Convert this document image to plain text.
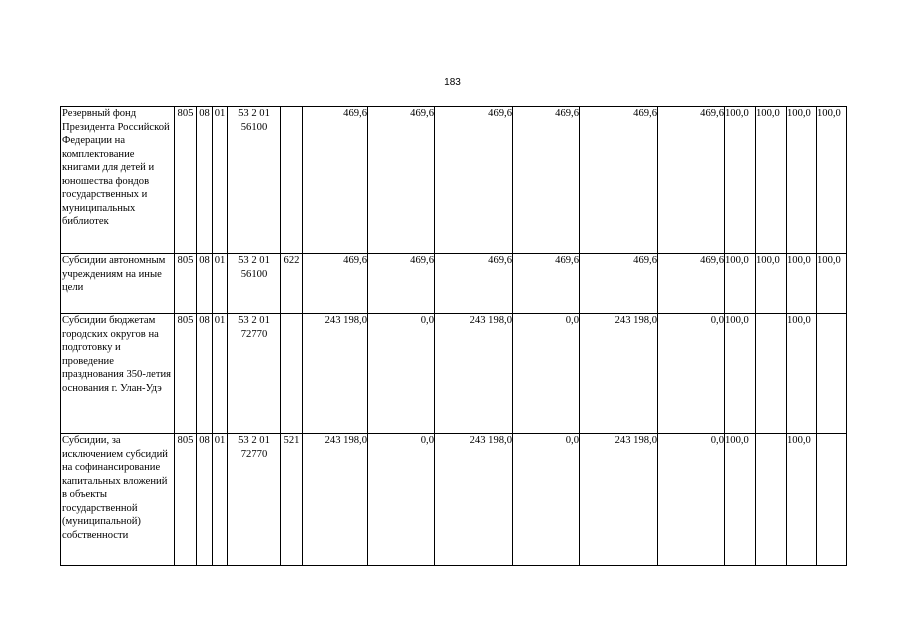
183
Резервный фонд Президента Российской Федерации на комплектование книгами для детей и юношества фондов государственных и муниципальных библиотек	805	08	01	53 2 01 56100		469,6	469,6	469,6	469,6	469,6	469,6	100,0	100,0	100,0	100,0
Субсидии автономным учреждениям на иные цели	805	08	01	53 2 01 56100	622	469,6	469,6	469,6	469,6	469,6	469,6	100,0	100,0	100,0	100,0
Субсидии бюджетам городских округов на подготовку и проведение празднования 350-летия основания г. Улан-Удэ	805	08	01	53 2 01 72770		243 198,0	0,0	243 198,0	0,0	243 198,0	0,0	100,0		100,0	
Субсидии, за исключением субсидий на софинансирование капитальных вложений в объекты государственной (муниципальной) собственности	805	08	01	53 2 01 72770	521	243 198,0	0,0	243 198,0	0,0	243 198,0	0,0	100,0		100,0	
